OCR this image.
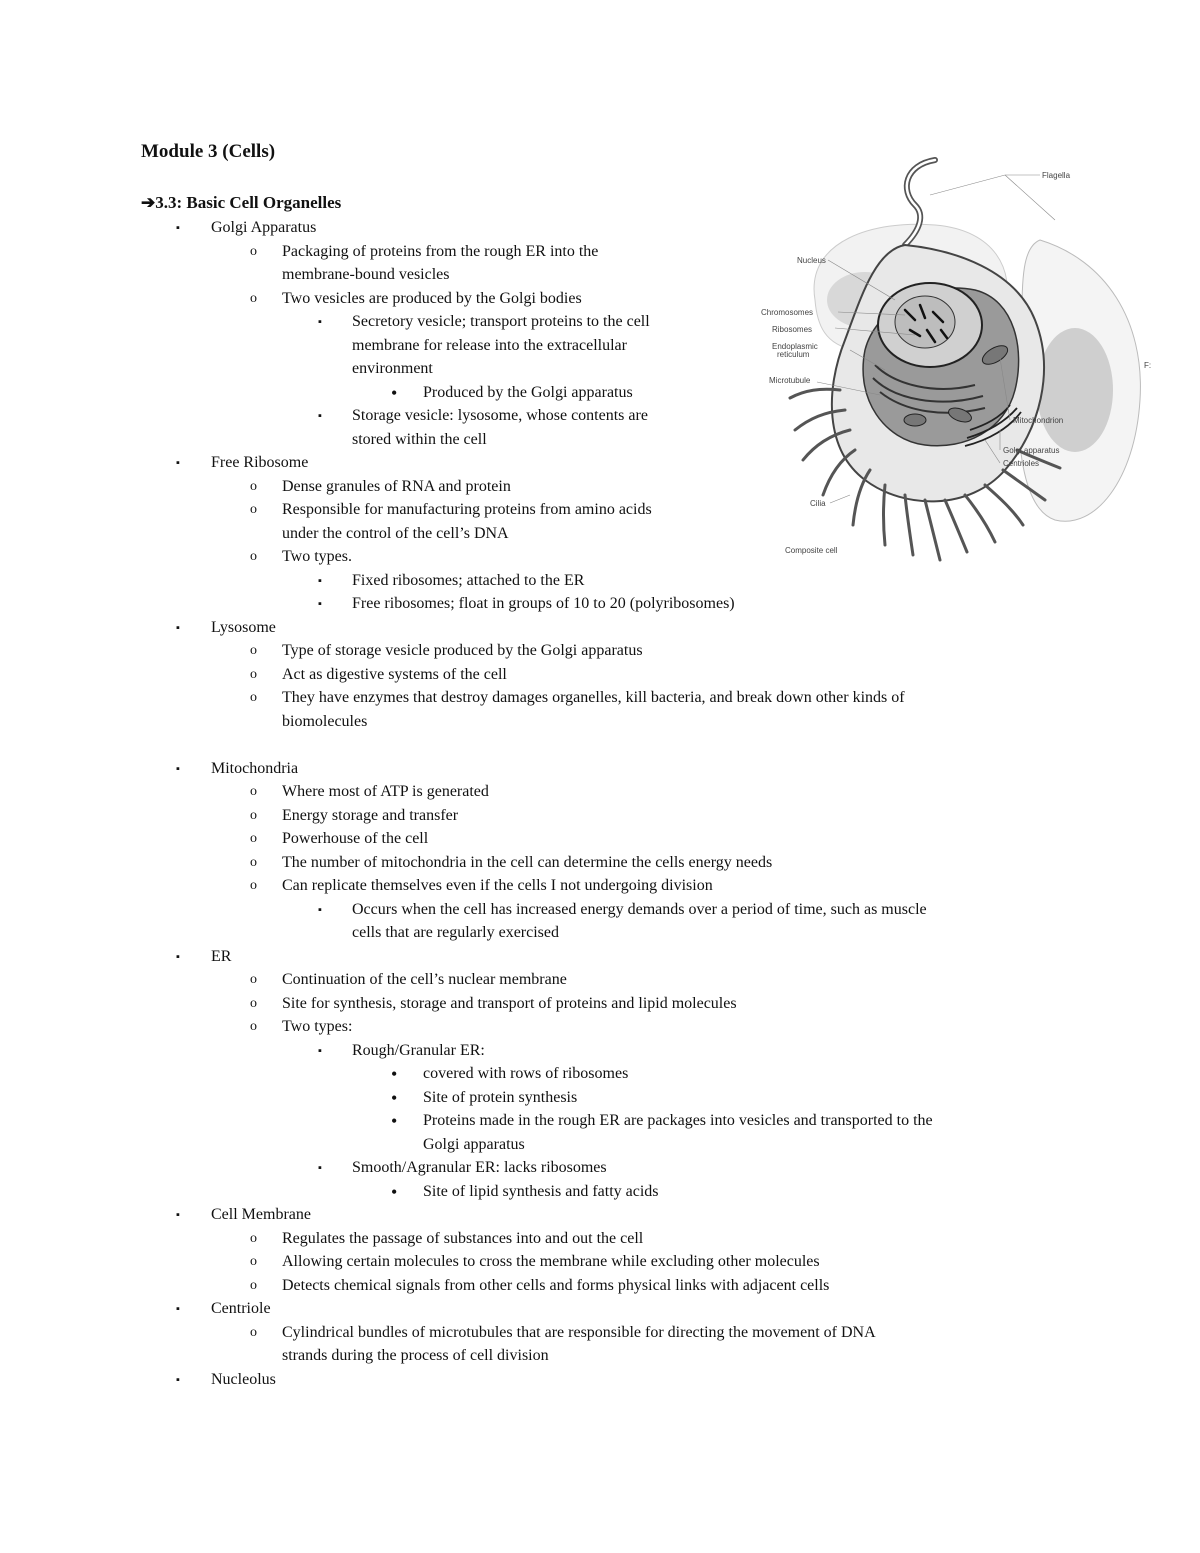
Module 3 (Cells)
➔3.3: Basic Cell Organelles
▪ Golgi Apparatus
o Packaging of proteins from the rough ER into the
membrane-bound vesicles
o Two vesicles are produced by the Golgi bodies
▪ Secretory vesicle; transport proteins to the cell
membrane for release into the extracellular
environment
• Produced by the Golgi apparatus
▪ Storage vesicle: lysosome, whose contents are
stored within the cell
▪ Free Ribosome
o Dense granules of RNA and protein
o Responsible for manufacturing proteins from amino acids
under the control of the cell’s DNA
o Two types.
▪ Fixed ribosomes; attached to the ER
▪ Free ribosomes; float in groups of 10 to 20 (polyribosomes)
▪ Lysosome
o Type of storage vesicle produced by the Golgi apparatus
o Act as digestive systems of the cell
o They have enzymes that destroy damages organelles, kill bacteria, and break down other kinds of
biomolecules
▪ Mitochondria
o Where most of ATP is generated
o Energy storage and transfer
o Powerhouse of the cell
o The number of mitochondria in the cell can determine the cells energy needs
o Can replicate themselves even if the cells I not undergoing division
▪ Occurs when the cell has increased energy demands over a period of time, such as muscle
cells that are regularly exercised
▪ ER
o Continuation of the cell’s nuclear membrane
o Site for synthesis, storage and transport of proteins and lipid molecules
o Two types:
▪ Rough/Granular ER:
• covered with rows of ribosomes
• Site of protein synthesis
• Proteins made in the rough ER are packages into vesicles and transported to the
Golgi apparatus
▪ Smooth/Agranular ER: lacks ribosomes
• Site of lipid synthesis and fatty acids
▪ Cell Membrane
o Regulates the passage of substances into and out the cell
o Allowing certain molecules to cross the membrane while excluding other molecules
o Detects chemical signals from other cells and forms physical links with adjacent cells
▪ Centriole
o Cylindrical bundles of microtubules that are responsible for directing the movement of DNA
strands during the process of cell division
▪ Nucleolus
Flagella
Nucleus
Chromosomes
Ribosomes
Endoplasmic
reticulum
Microtubule
Mitochondrion
Golgi apparatus
Centrioles
Cilia
Composite cell
F:
